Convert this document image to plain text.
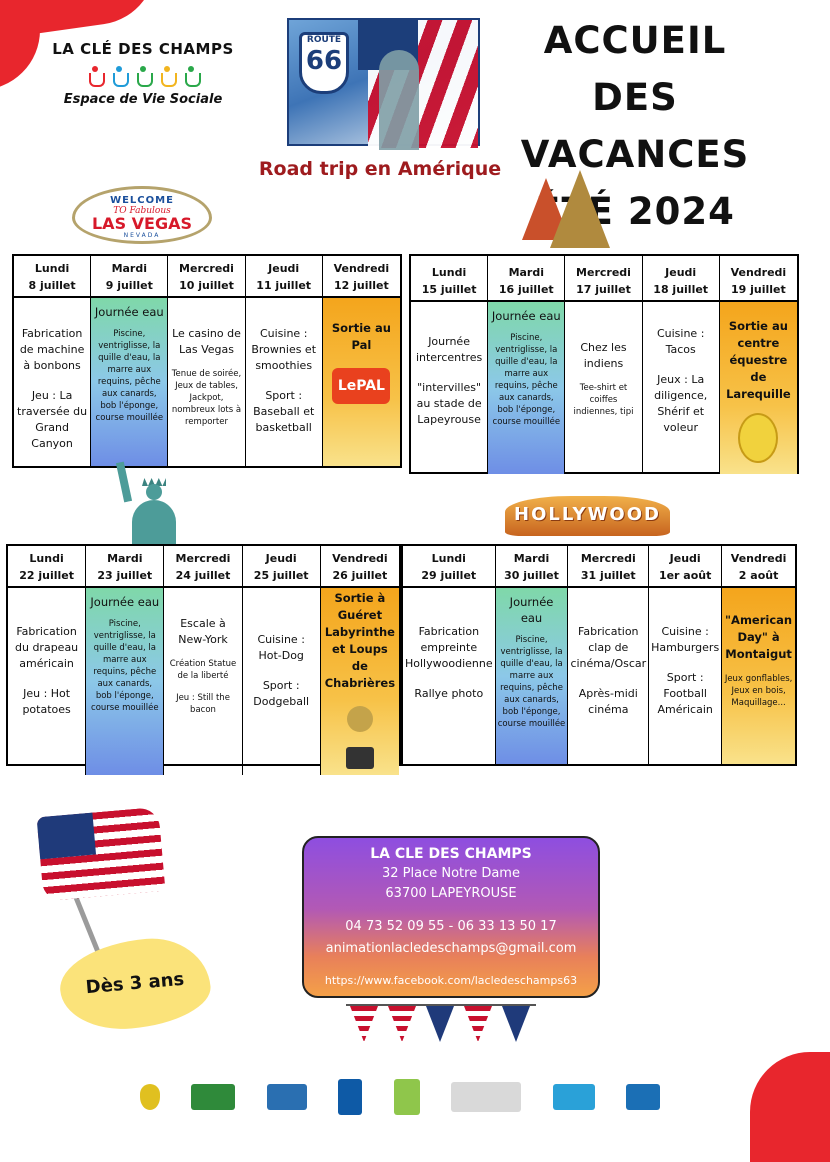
LA CLÉ DES CHAMPS
Espace de Vie Sociale
ROUTE
66	ACCUEIL
DES VACANCES
ÉTÉ 2024
Road trip en Amérique
WELCOME
TO Fabulous
LAS VEGAS
NEVADA
Lundi
8 juillet
Mardi
9 juillet
Mercredi
10 juillet
Jeudi
11 juillet
Vendredi
12 juillet
Fabrication de machine à bonbons
Jeu : La traversée du Grand Canyon
Journée eau
Piscine, ventriglisse, la quille d'eau, la marre aux requins, pêche aux canards, bob l'éponge, course mouillée
Le casino de Las Vegas
Tenue de soirée, Jeux de tables, Jackpot, nombreux lots à remporter
Cuisine : Brownies et smoothies
Sport : Baseball et basketball
Sortie au Pal
LePAL
Lundi
15 juillet
Mardi
16 juillet
Mercredi
17 juillet
Jeudi
18 juillet
Vendredi
19 juillet
Journée intercentres
"intervilles" au stade de Lapeyrouse
Journée eau
Piscine, ventriglisse, la quille d'eau, la marre aux requins, pêche aux canards, bob l'éponge, course mouillée
Chez les indiens
Tee-shirt et coiffes indiennes, tipi
Cuisine : Tacos
Jeux : La diligence, Shérif et voleur
Sortie au centre équestre de Larequille
HOLLYWOOD
Lundi
22 juillet
Mardi
23 juillet
Mercredi
24 juillet
Jeudi
25 juillet
Vendredi
26 juillet
Fabrication du drapeau américain
Jeu : Hot potatoes
Journée eau
Piscine, ventriglisse, la quille d'eau, la marre aux requins, pêche aux canards, bob l'éponge, course mouillée
Escale à New-York
Création Statue de la liberté
Jeu : Still the bacon
Cuisine : Hot-Dog
Sport : Dodgeball
Sortie à Guéret Labyrinthe et Loups de Chabrières
Lundi
29 juillet
Mardi
30 juillet
Mercredi
31 juillet
Jeudi
1er août
Vendredi
2 août
Fabrication empreinte Hollywoodienne
Rallye photo
Journée eau
Piscine, ventriglisse, la quille d'eau, la marre aux requins, pêche aux canards, bob l'éponge, course mouillée
Fabrication clap de cinéma/Oscar
Après-midi cinéma
Cuisine : Hamburgers
Sport : Football Américain
"American Day" à Montaigut
Jeux gonflables, Jeux en bois, Maquillage...
Dès 3 ans
LA CLE DES CHAMPS
32 Place Notre Dame
63700 LAPEYROUSE
04 73 52 09 55 - 06 33 13 50 17
animationlacledeschamps@gmail.com
https://www.facebook.com/lacledeschamps63
